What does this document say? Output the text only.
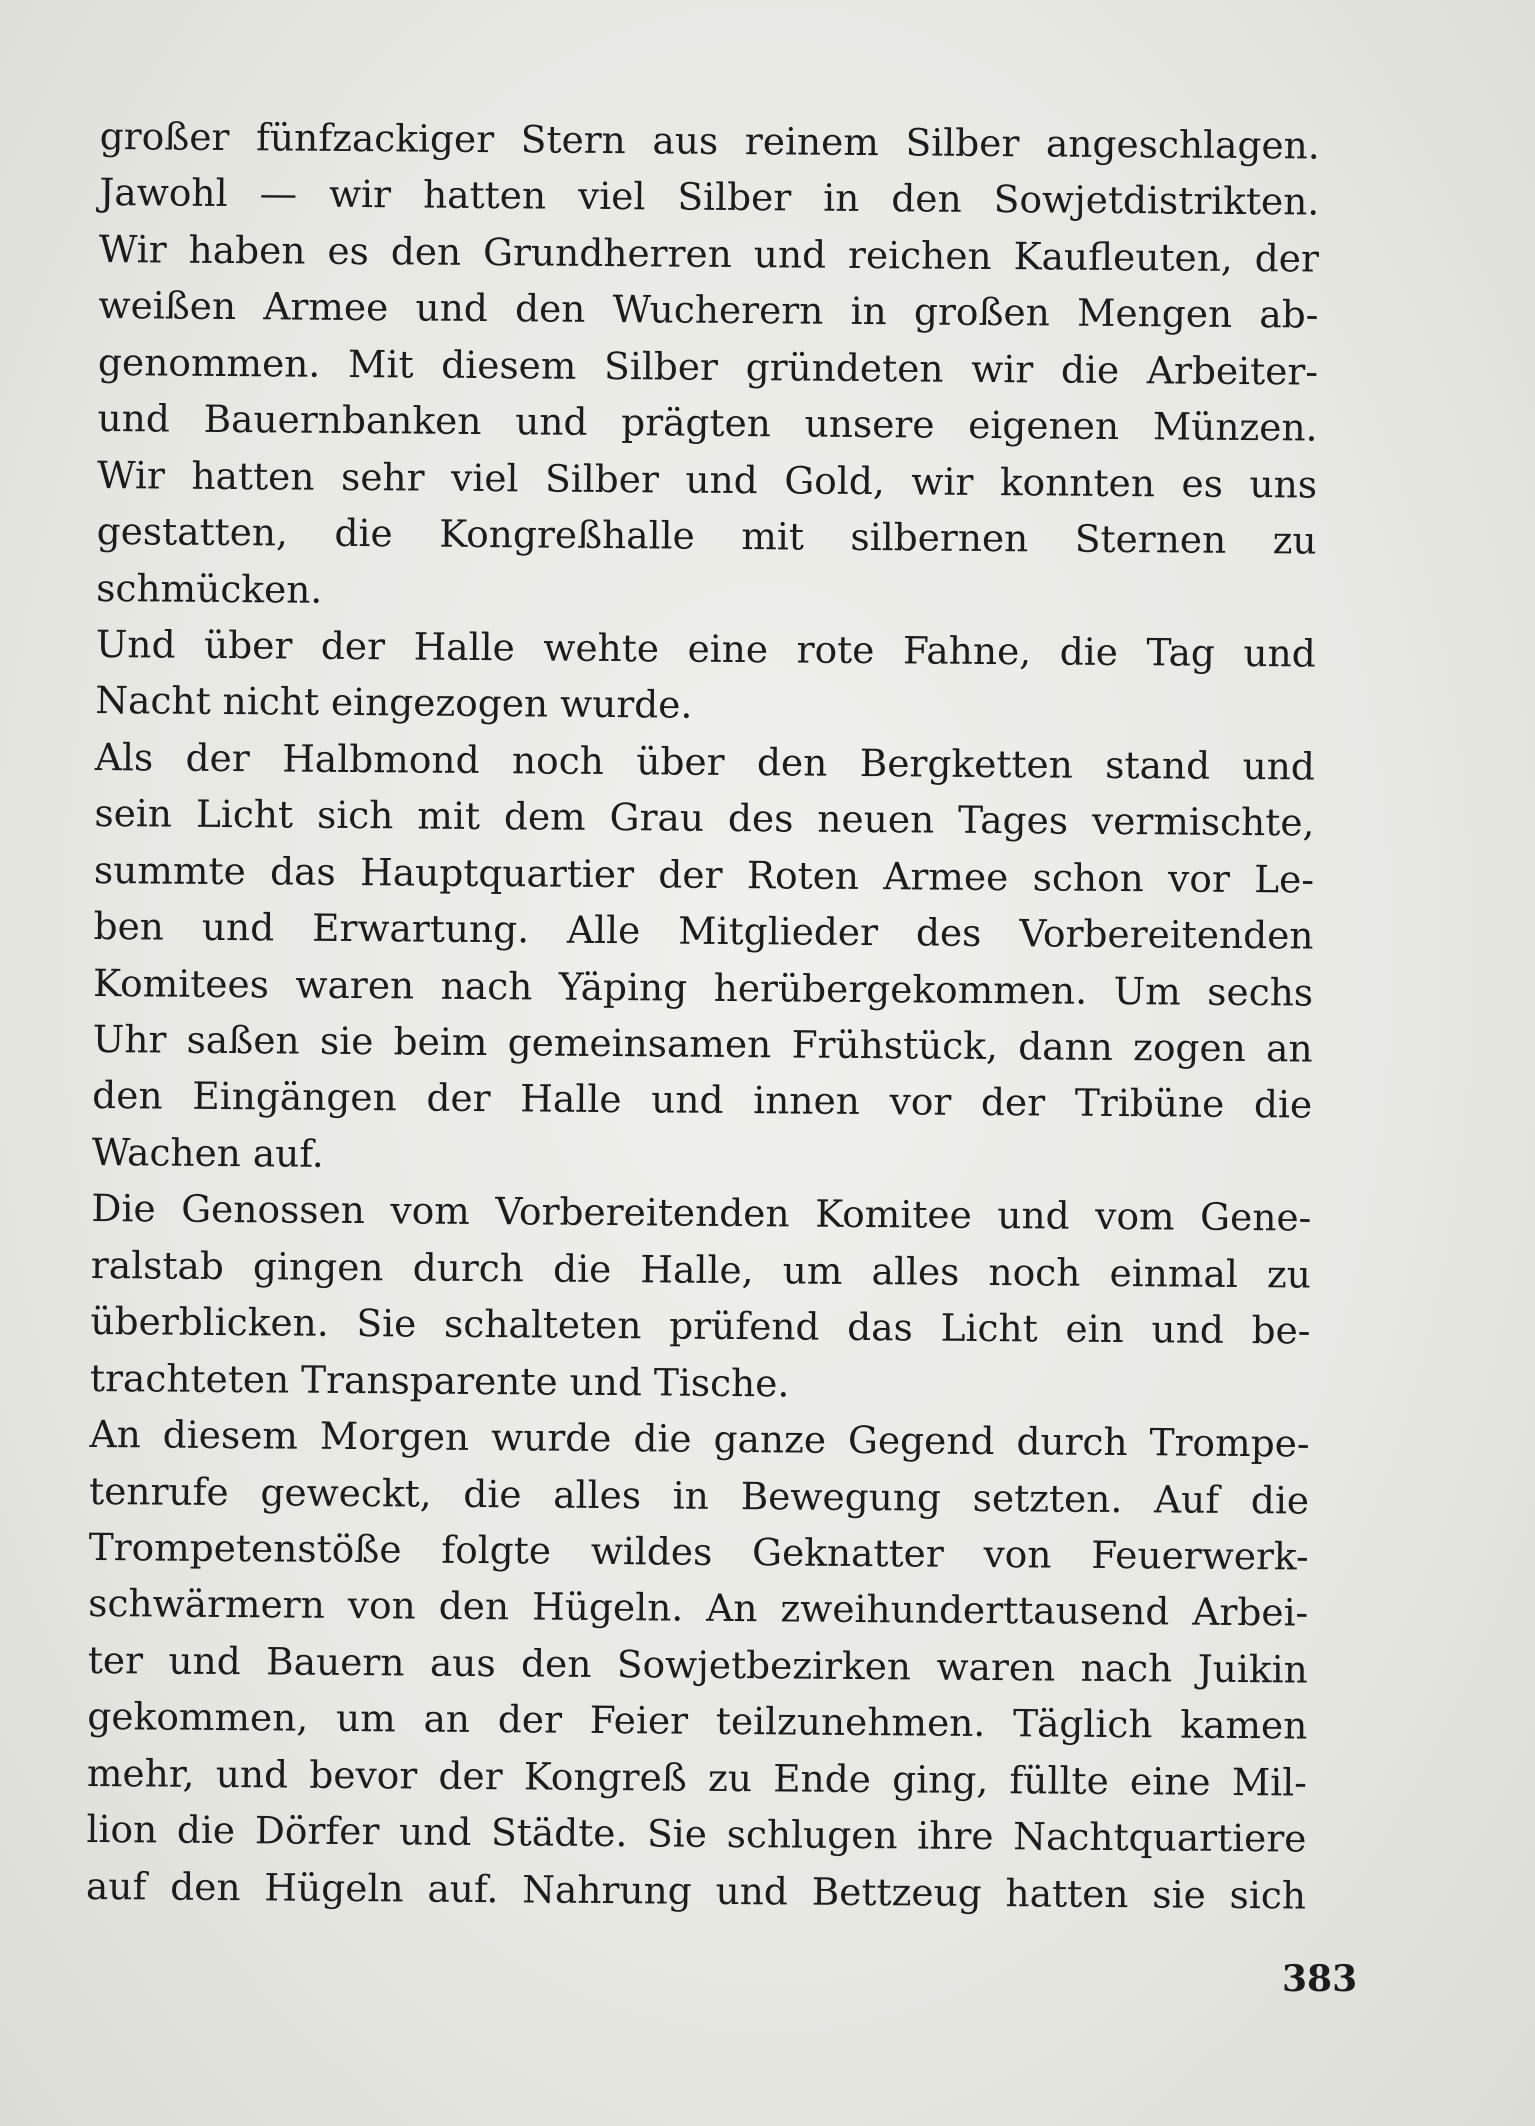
großer fünfzackiger Stern aus reinem Silber angeschlagen.
Jawohl — wir hatten viel Silber in den Sowjetdistrikten.
Wir haben es den Grundherren und reichen Kaufleuten, der
weißen Armee und den Wucherern in großen Mengen ab-
genommen. Mit diesem Silber gründeten wir die Arbeiter-
und Bauernbanken und prägten unsere eigenen Münzen.
Wir hatten sehr viel Silber und Gold, wir konnten es uns
gestatten, die Kongreßhalle mit silbernen Sternen zu
schmücken.
Und über der Halle wehte eine rote Fahne, die Tag und
Nacht nicht eingezogen wurde.
Als der Halbmond noch über den Bergketten stand und
sein Licht sich mit dem Grau des neuen Tages vermischte,
summte das Hauptquartier der Roten Armee schon vor Le-
ben und Erwartung. Alle Mitglieder des Vorbereitenden
Komitees waren nach Yäping herübergekommen. Um sechs
Uhr saßen sie beim gemeinsamen Frühstück, dann zogen an
den Eingängen der Halle und innen vor der Tribüne die
Wachen auf.
Die Genossen vom Vorbereitenden Komitee und vom Gene-
ralstab gingen durch die Halle, um alles noch einmal zu
überblicken. Sie schalteten prüfend das Licht ein und be-
trachteten Transparente und Tische.
An diesem Morgen wurde die ganze Gegend durch Trompe-
tenrufe geweckt, die alles in Bewegung setzten. Auf die
Trompetenstöße folgte wildes Geknatter von Feuerwerk-
schwärmern von den Hügeln. An zweihunderttausend Arbei-
ter und Bauern aus den Sowjetbezirken waren nach Juikin
gekommen, um an der Feier teilzunehmen. Täglich kamen
mehr, und bevor der Kongreß zu Ende ging, füllte eine Mil-
lion die Dörfer und Städte. Sie schlugen ihre Nachtquartiere
auf den Hügeln auf. Nahrung und Bettzeug hatten sie sich
383
